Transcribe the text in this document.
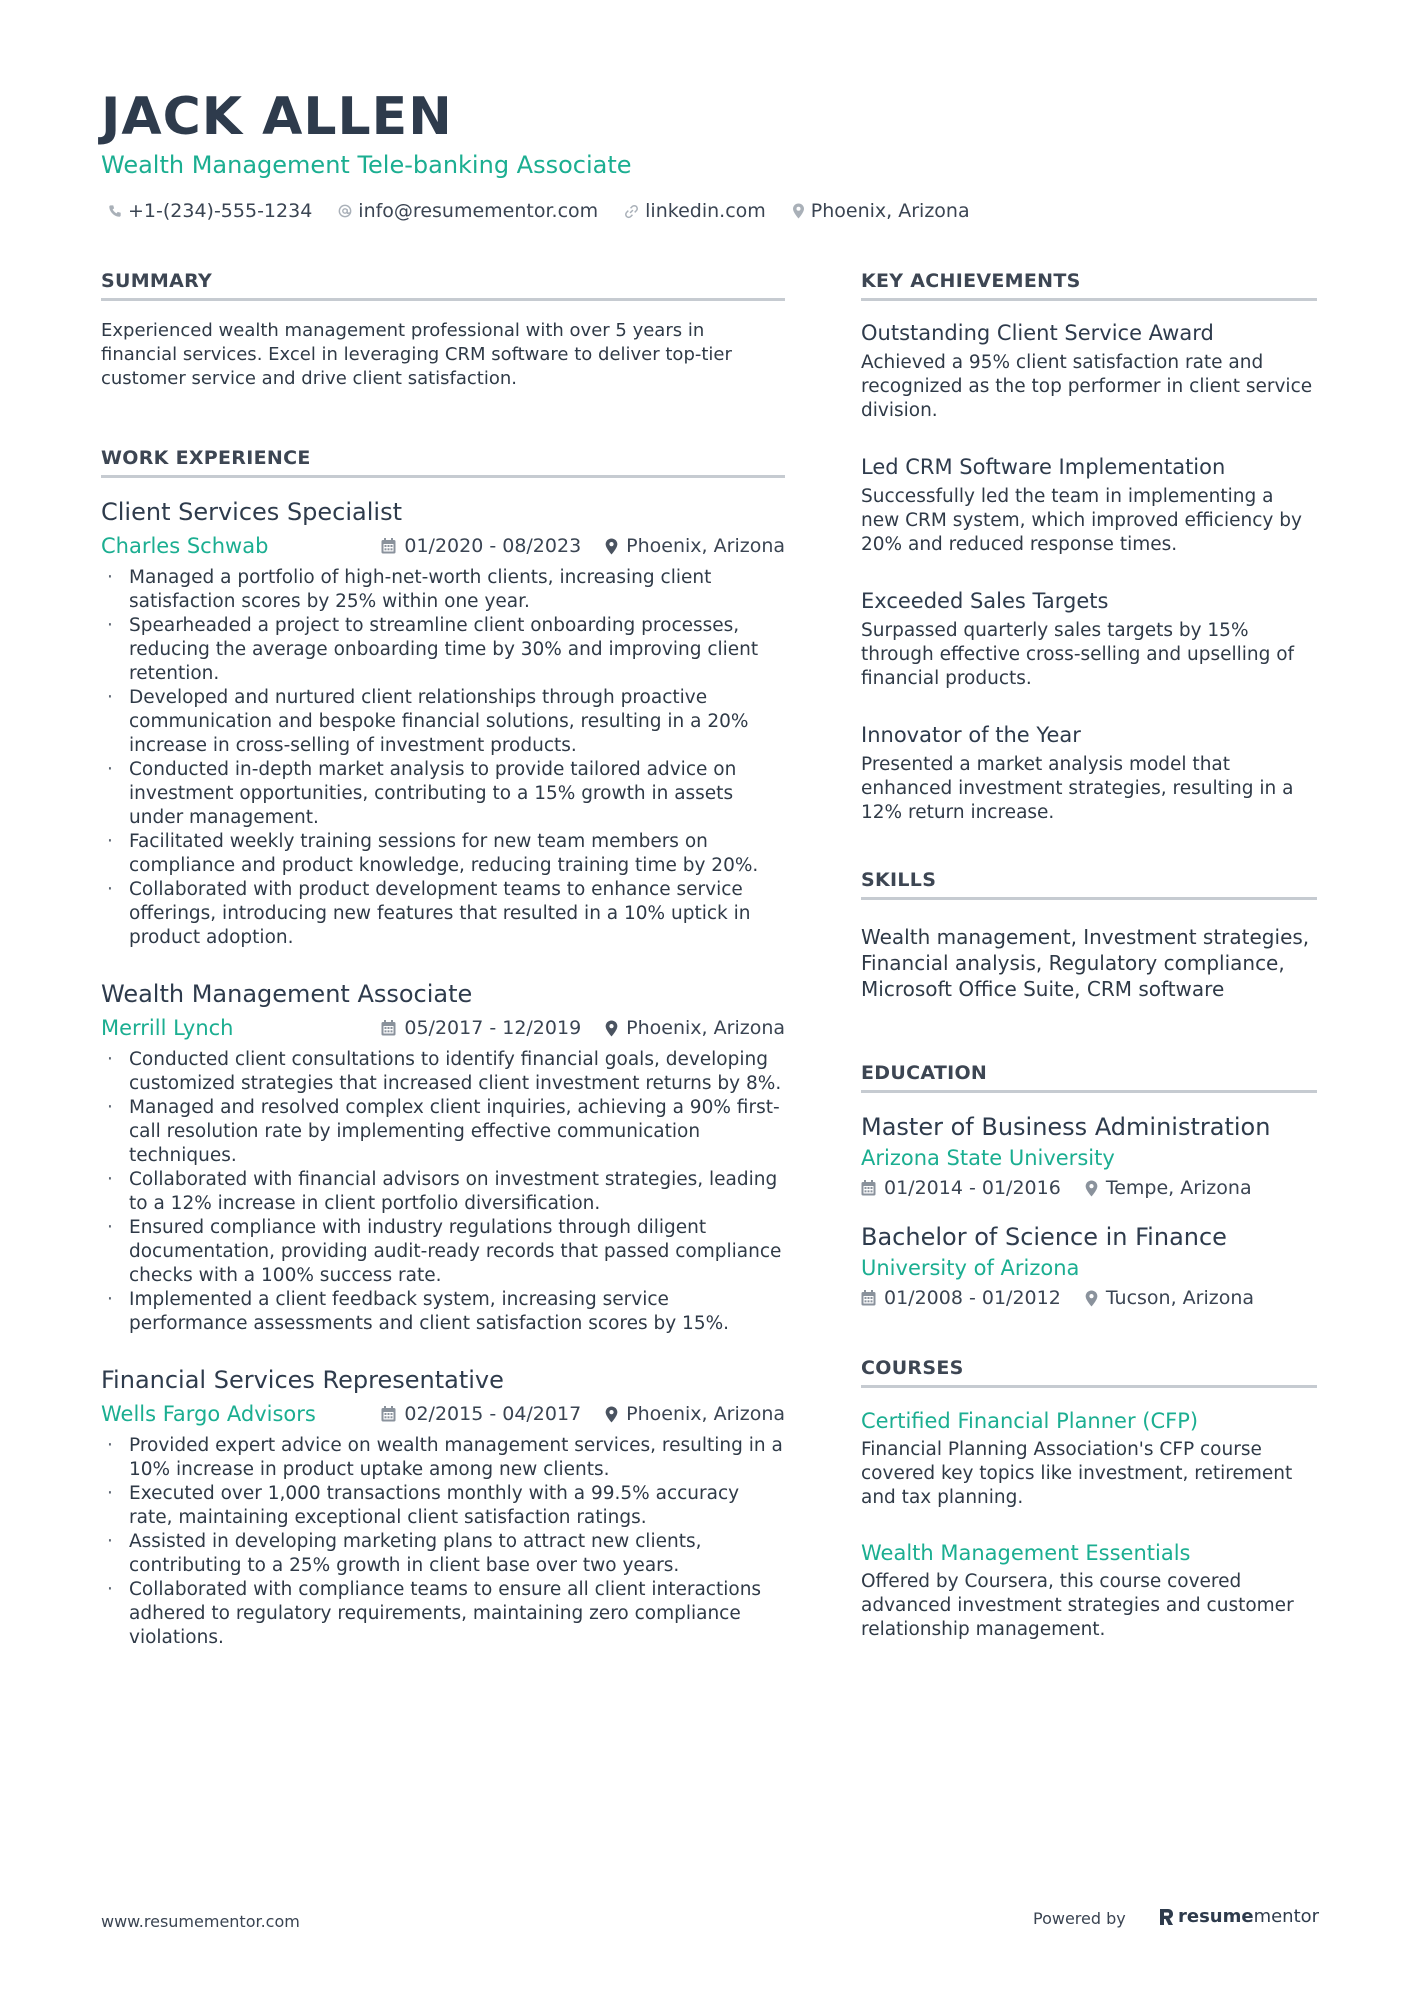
JACK ALLEN
Wealth Management Tele-banking Associate
+1-(234)-555-1234 info@resumementor.com linkedin.com Phoenix, Arizona
SUMMARY

Experienced wealth management professional with over 5 years in financial services. Excel in leveraging CRM software to deliver top-tier customer service and drive client satisfaction.

WORK EXPERIENCE
Client Services Specialist
Charles Schwab	01/2020 - 08/2023 Phoenix, Arizona
· Managed a portfolio of high-net-worth clients, increasing client satisfaction scores by 25% within one year.
· Spearheaded a project to streamline client onboarding processes, reducing the average onboarding time by 30% and improving client retention.
· Developed and nurtured client relationships through proactive communication and bespoke financial solutions, resulting in a 20% increase in cross-selling of investment products.
· Conducted in-depth market analysis to provide tailored advice on investment opportunities, contributing to a 15% growth in assets under management.
· Facilitated weekly training sessions for new team members on compliance and product knowledge, reducing training time by 20%.
· Collaborated with product development teams to enhance service offerings, introducing new features that resulted in a 10% uptick in product adoption.
Wealth Management Associate
Merrill Lynch	05/2017 - 12/2019 Phoenix, Arizona
· Conducted client consultations to identify financial goals, developing customized strategies that increased client investment returns by 8%.
· Managed and resolved complex client inquiries, achieving a 90% first-call resolution rate by implementing effective communication techniques.
· Collaborated with financial advisors on investment strategies, leading to a 12% increase in client portfolio diversification.
· Ensured compliance with industry regulations through diligent documentation, providing audit-ready records that passed compliance checks with a 100% success rate.
· Implemented a client feedback system, increasing service performance assessments and client satisfaction scores by 15%.
Financial Services Representative
Wells Fargo Advisors	02/2015 - 04/2017 Phoenix, Arizona
· Provided expert advice on wealth management services, resulting in a 10% increase in product uptake among new clients.
· Executed over 1,000 transactions monthly with a 99.5% accuracy rate, maintaining exceptional client satisfaction ratings.
· Assisted in developing marketing plans to attract new clients, contributing to a 25% growth in client base over two years.
· Collaborated with compliance teams to ensure all client interactions adhered to regulatory requirements, maintaining zero compliance violations.
KEY ACHIEVEMENTS
Outstanding Client Service Award
Achieved a 95% client satisfaction rate and recognized as the top performer in client service division.
Led CRM Software Implementation
Successfully led the team in implementing a new CRM system, which improved efficiency by 20% and reduced response times.
Exceeded Sales Targets
Surpassed quarterly sales targets by 15% through effective cross-selling and upselling of financial products.
Innovator of the Year
Presented a market analysis model that enhanced investment strategies, resulting in a 12% return increase.
SKILLS

Wealth management, Investment strategies, Financial analysis, Regulatory compliance, Microsoft Office Suite, CRM software

EDUCATION
Master of Business Administration
Arizona State University
01/2014 - 01/2016 Tempe, Arizona
Bachelor of Science in Finance
University of Arizona
01/2008 - 01/2012 Tucson, Arizona
COURSES
Certified Financial Planner (CFP)
Financial Planning Association's CFP course covered key topics like investment, retirement and tax planning.
Wealth Management Essentials
Offered by Coursera, this course covered advanced investment strategies and customer relationship management.
www.resumementor.com	Powered by	resume mentor
